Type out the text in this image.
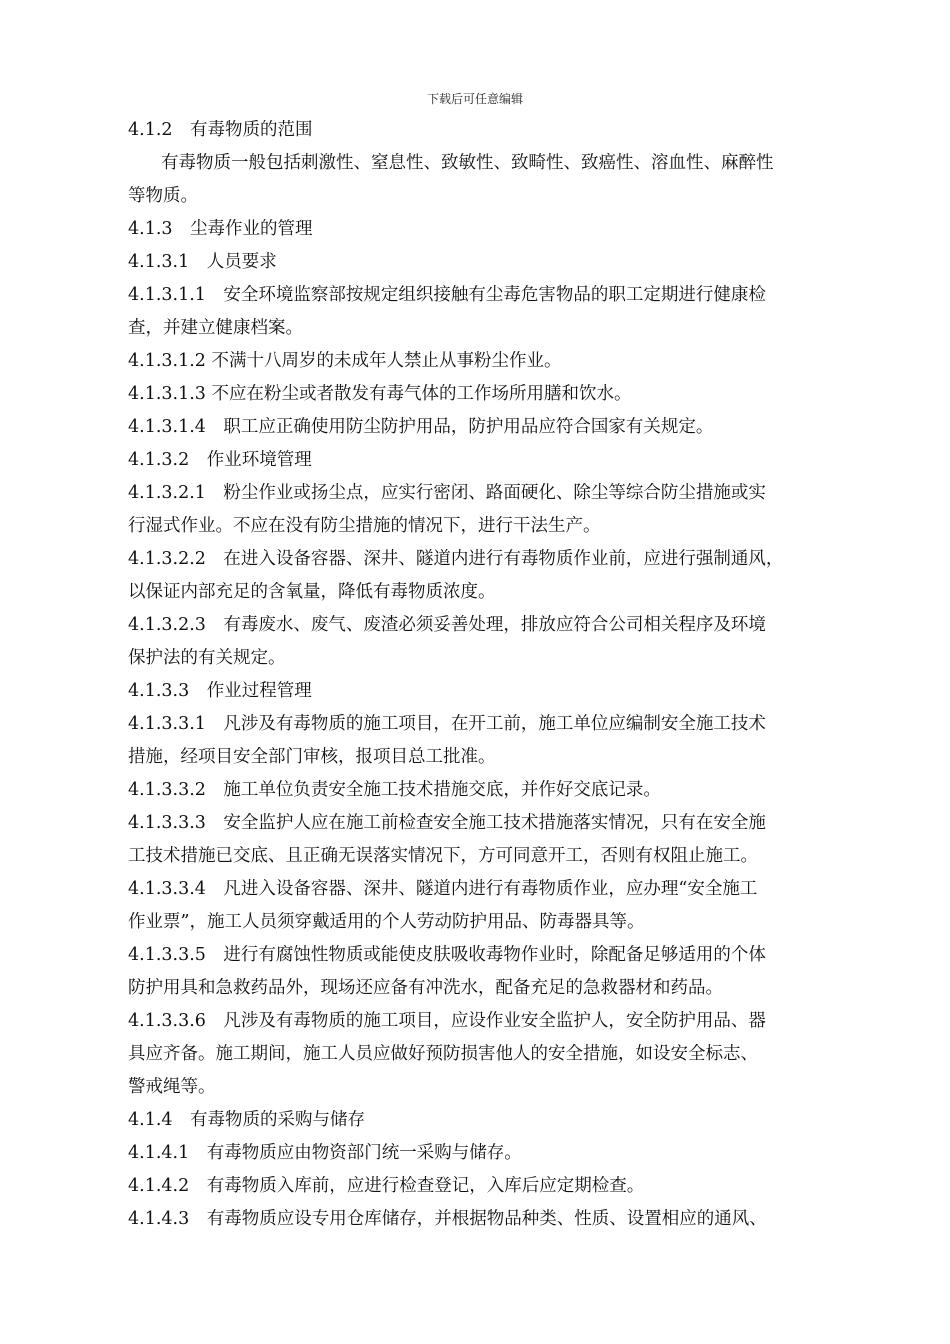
下载后可任意编辑
4.1.2　有毒物质的范围
有毒物质一般包括刺激性、窒息性、致敏性、致畸性、致癌性、溶血性、麻醉性
等物质。
4.1.3　尘毒作业的管理
4.1.3.1　人员要求
4.1.3.1.1　安全环境监察部按规定组织接触有尘毒危害物品的职工定期进行健康检
查，并建立健康档案。
4.1.3.1.2 不满十八周岁的未成年人禁止从事粉尘作业。
4.1.3.1.3 不应在粉尘或者散发有毒气体的工作场所用膳和饮水。
4.1.3.1.4　职工应正确使用防尘防护用品，防护用品应符合国家有关规定。
4.1.3.2　作业环境管理
4.1.3.2.1　粉尘作业或扬尘点，应实行密闭、路面硬化、除尘等综合防尘措施或实
行湿式作业。不应在没有防尘措施的情况下，进行干法生产。
4.1.3.2.2　在进入设备容器、深井、隧道内进行有毒物质作业前，应进行强制通风，
以保证内部充足的含氧量，降低有毒物质浓度。
4.1.3.2.3　有毒废水、废气、废渣必须妥善处理，排放应符合公司相关程序及环境
保护法的有关规定。
4.1.3.3　作业过程管理
4.1.3.3.1　凡涉及有毒物质的施工项目，在开工前，施工单位应编制安全施工技术
措施，经项目安全部门审核，报项目总工批准。
4.1.3.3.2　施工单位负责安全施工技术措施交底，并作好交底记录。
4.1.3.3.3　安全监护人应在施工前检查安全施工技术措施落实情况，只有在安全施
工技术措施已交底、且正确无误落实情况下，方可同意开工，否则有权阻止施工。
4.1.3.3.4　凡进入设备容器、深井、隧道内进行有毒物质作业，应办理“安全施工
作业票”，施工人员须穿戴适用的个人劳动防护用品、防毒器具等。
4.1.3.3.5　进行有腐蚀性物质或能使皮肤吸收毒物作业时，除配备足够适用的个体
防护用具和急救药品外，现场还应备有冲洗水，配备充足的急救器材和药品。
4.1.3.3.6　凡涉及有毒物质的施工项目，应设作业安全监护人，安全防护用品、器
具应齐备。施工期间，施工人员应做好预防损害他人的安全措施，如设安全标志、
警戒绳等。
4.1.4　有毒物质的采购与储存
4.1.4.1　有毒物质应由物资部门统一采购与储存。
4.1.4.2　有毒物质入库前，应进行检查登记，入库后应定期检查。
4.1.4.3　有毒物质应设专用仓库储存，并根据物品种类、性质、设置相应的通风、
